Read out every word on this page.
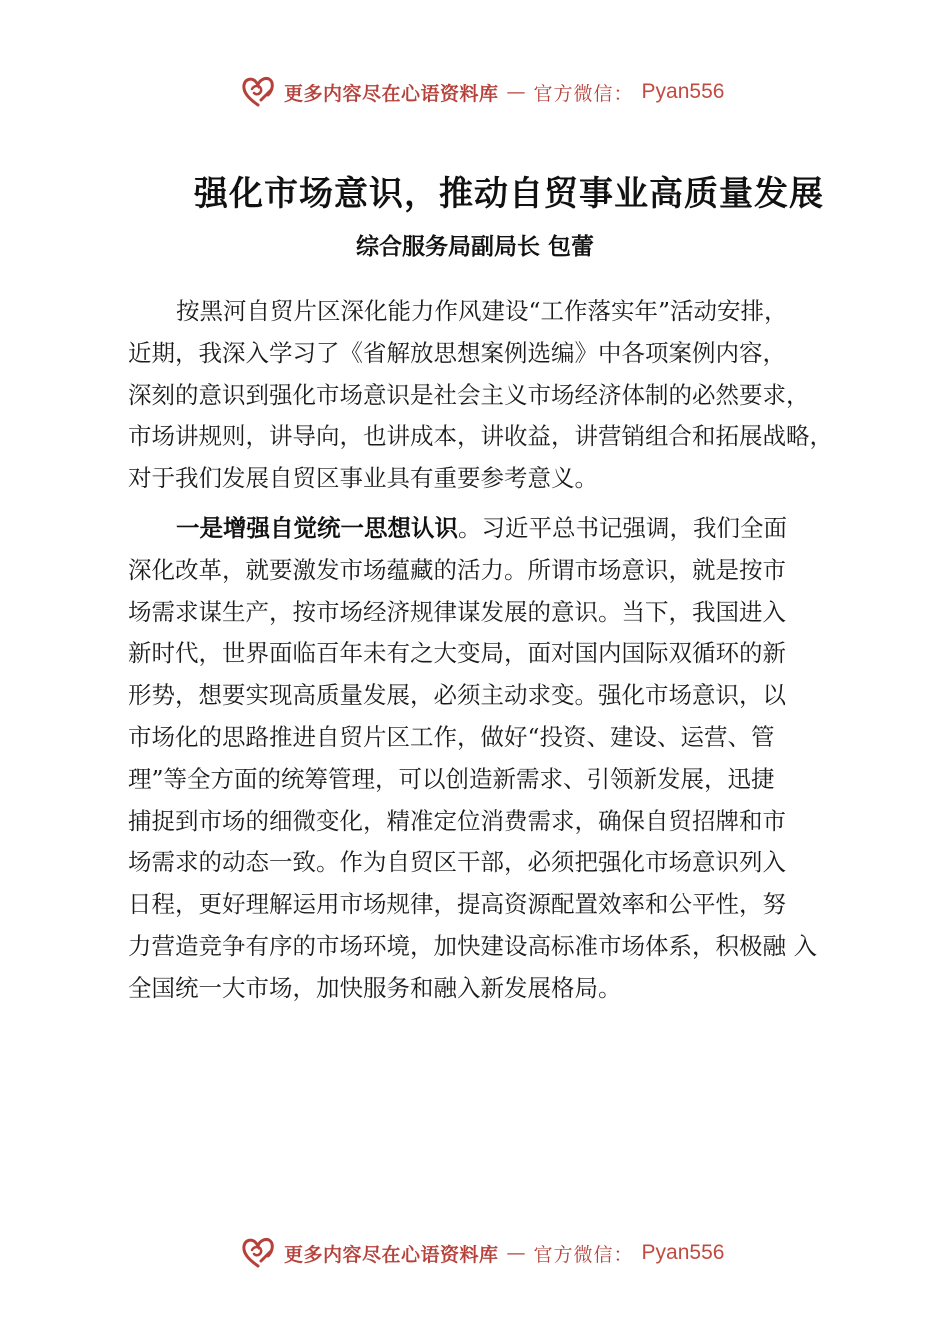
更多内容尽在心语资料库 — 官方微信： Pyan556
强化市场意识，推动自贸事业高质量发展
综合服务局副局长 包蕾
按黑河自贸片区深化能力作风建设“工作落实年”活动安排，
近期，我深入学习了《省解放思想案例选编》中各项案例内容，
深刻的意识到强化市场意识是社会主义市场经济体制的必然要求，
市场讲规则，讲导向，也讲成本，讲收益，讲营销组合和拓展战略，
对于我们发展自贸区事业具有重要参考意义。
一是增强自觉统一思想认识。习近平总书记强调，我们全面
深化改革，就要激发市场蕴藏的活力。所谓市场意识，就是按市
场需求谋生产，按市场经济规律谋发展的意识。当下，我国进入
新时代，世界面临百年未有之大变局，面对国内国际双循环的新
形势，想要实现高质量发展，必须主动求变。强化市场意识，以
市场化的思路推进自贸片区工作，做好“投资、建设、运营、管
理”等全方面的统筹管理，可以创造新需求、引领新发展，迅捷
捕捉到市场的细微变化，精准定位消费需求，确保自贸招牌和市
场需求的动态一致。作为自贸区干部，必须把强化市场意识列入
日程，更好理解运用市场规律，提高资源配置效率和公平性，努
力营造竞争有序的市场环境，加快建设高标准市场体系，积极融 入
全国统一大市场，加快服务和融入新发展格局。
更多内容尽在心语资料库 — 官方微信： Pyan556
